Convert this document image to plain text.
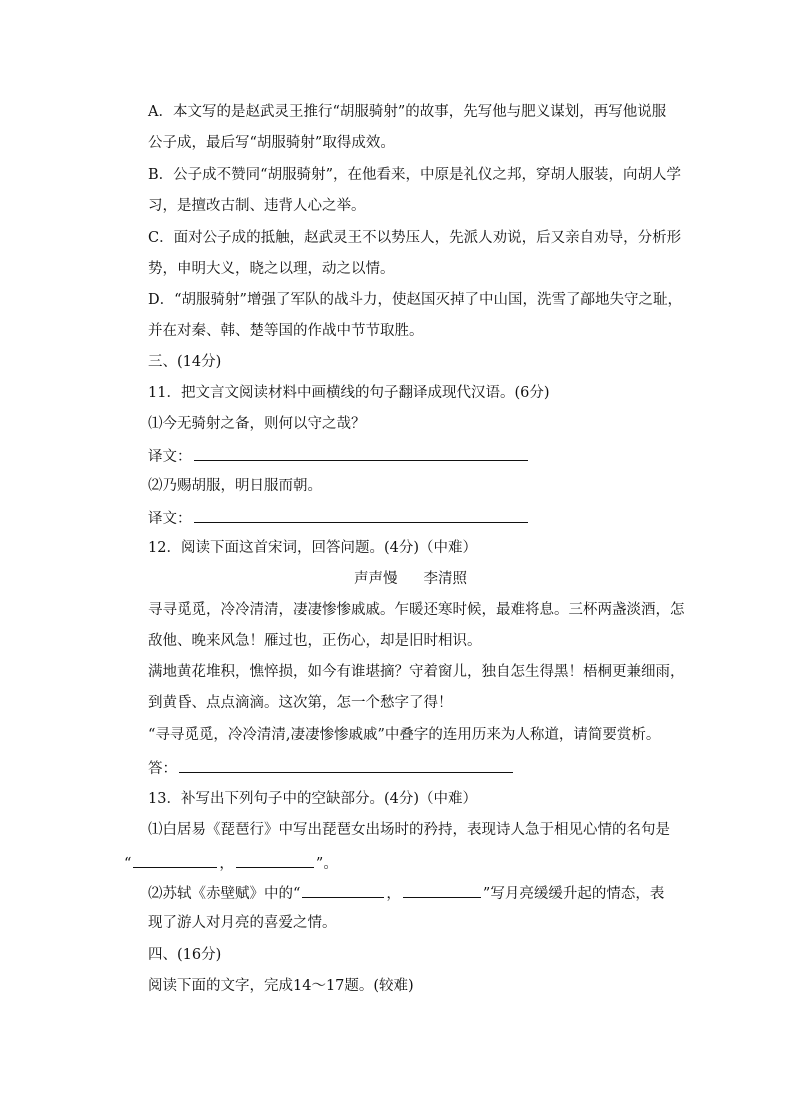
A．本文写的是赵武灵王推行“胡服骑射”的故事，先写他与肥义谋划，再写他说服
公子成，最后写“胡服骑射”取得成效。
B．公子成不赞同“胡服骑射”，在他看来，中原是礼仪之邦，穿胡人服装，向胡人学
习，是擅改古制、违背人心之举。
C．面对公子成的抵触，赵武灵王不以势压人，先派人劝说，后又亲自劝导，分析形
势，申明大义，晓之以理，动之以情。
D．“胡服骑射”增强了军队的战斗力，使赵国灭掉了中山国，洗雪了鄗地失守之耻，
并在对秦、韩、楚等国的作战中节节取胜。
三、(14分)
11．把文言文阅读材料中画横线的句子翻译成现代汉语。(6分)
⑴今无骑射之备，则何以守之哉？
译文：
⑵乃赐胡服，明日服而朝。
译文：
12．阅读下面这首宋词，回答问题。(4分)（中难）
声声慢 李清照
寻寻觅觅，冷冷清清，凄凄惨惨戚戚。乍暖还寒时候，最难将息。三杯两盏淡酒，怎
敌他、晚来风急！雁过也，正伤心，却是旧时相识。
满地黄花堆积，憔悴损，如今有谁堪摘？守着窗儿，独自怎生得黑！梧桐更兼细雨，
到黄昏、点点滴滴。这次第，怎一个愁字了得！
“寻寻觅觅，冷冷清清,凄凄惨惨戚戚”中叠字的连用历来为人称道，请简要赏析。
答：
13．补写出下列句子中的空缺部分。(4分)（中难）
⑴白居易《琵琶行》中写出琵琶女出场时的矜持，表现诗人急于相见心情的名句是
“	，	”。
⑵苏轼《赤壁赋》中的“	，	”写月亮缓缓升起的情态，表
现了游人对月亮的喜爱之情。
四、(16分)
阅读下面的文字，完成14～17题。(较难)
